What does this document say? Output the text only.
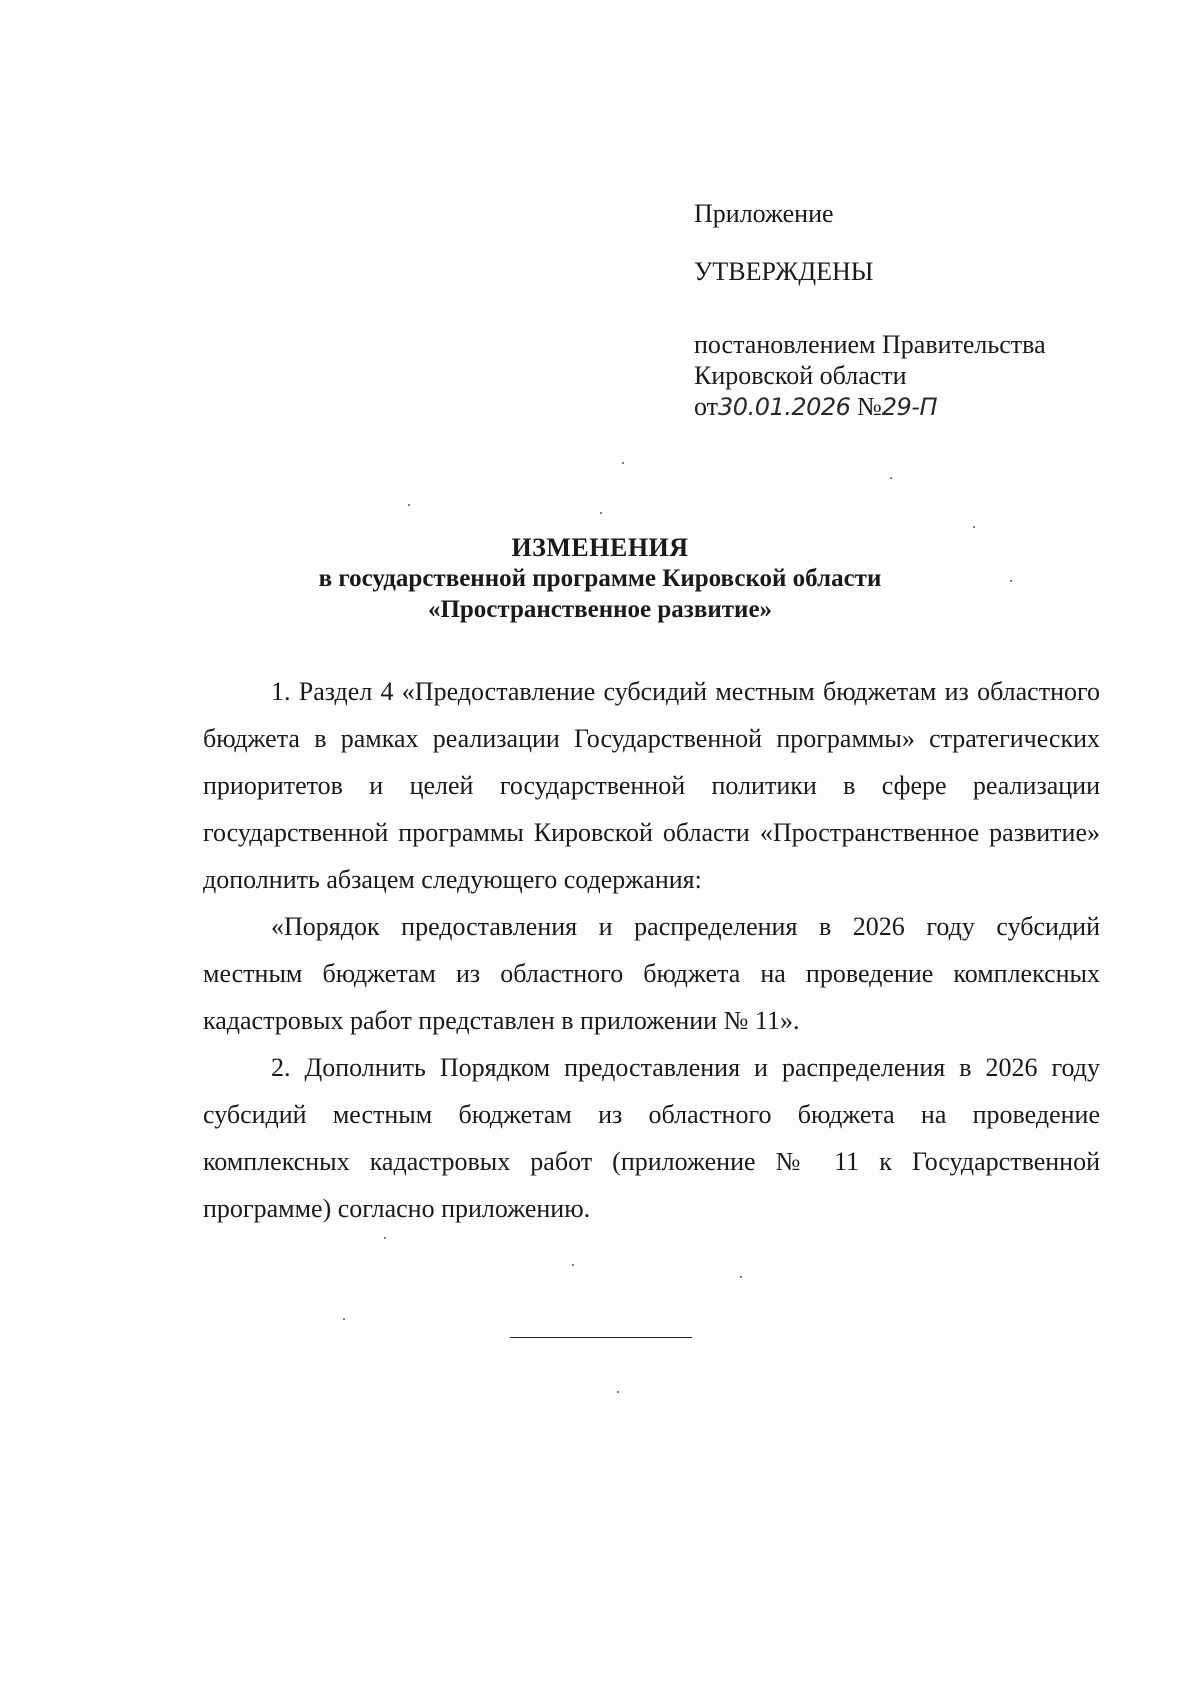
Приложение
УТВЕРЖДЕНЫ
постановлением Правительства
Кировской области
от30.01.2026 №29-П
ИЗМЕНЕНИЯ
в государственной программе Кировской области
«Пространственное развитие»

1. Раздел 4 «Предоставление субсидий местным бюджетам из областного бюджета в рамках реализации Государственной программы» стратегических приоритетов и целей государственной политики в сфере реализации государственной программы Кировской области «Пространственное развитие» дополнить абзацем следующего содержания:

«Порядок предоставления и распределения в 2026 году субсидий местным бюджетам из областного бюджета на проведение комплексных кадастровых работ представлен в приложении № 11».

2. Дополнить Порядком предоставления и распределения в 2026 году субсидий местным бюджетам из областного бюджета на проведение комплексных кадастровых работ (приложение № 11 к Государственной программе) согласно приложению.
